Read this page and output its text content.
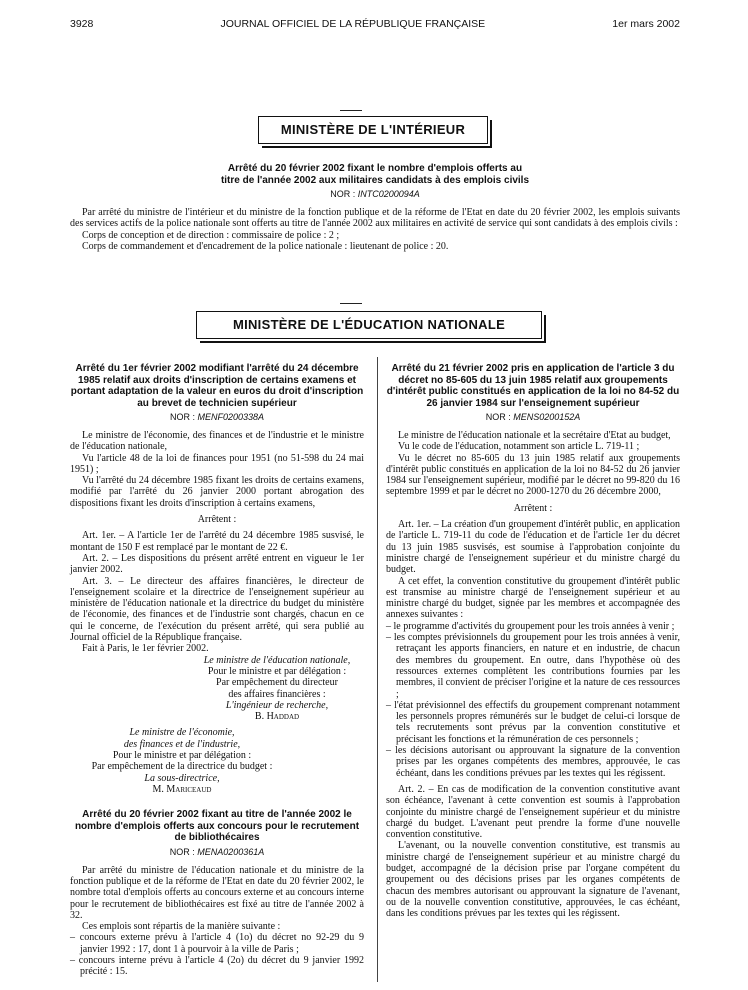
3928	JOURNAL OFFICIEL DE LA RÉPUBLIQUE FRANÇAISE	1er mars 2002
MINISTÈRE DE L'INTÉRIEUR
Arrêté du 20 février 2002 fixant le nombre d'emplois offerts au titre de l'année 2002 aux militaires candidats à des emplois civils
NOR : INTC0200094A

Par arrêté du ministre de l'intérieur et du ministre de la fonction publique et de la réforme de l'Etat en date du 20 février 2002, les emplois suivants des services actifs de la police nationale sont offerts au titre de l'année 2002 aux militaires en activité de service qui sont candidats à des emplois civils :

Corps de conception et de direction : commissaire de police : 2 ;

Corps de commandement et d'encadrement de la police nationale : lieutenant de police : 20.

MINISTÈRE DE L'ÉDUCATION NATIONALE
Arrêté du 1er février 2002 modifiant l'arrêté du 24 décembre 1985 relatif aux droits d'inscription de certains examens et portant adaptation de la valeur en euros du droit d'inscription au brevet de technicien supérieur
NOR : MENF0200338A

Le ministre de l'économie, des finances et de l'industrie et le ministre de l'éducation nationale,

Vu l'article 48 de la loi de finances pour 1951 (no 51-598 du 24 mai 1951) ;

Vu l'arrêté du 24 décembre 1985 fixant les droits de certains examens, modifié par l'arrêté du 26 janvier 2000 portant abrogation des dispositions fixant les droits d'inscription à certains examens,

Arrêtent :

Art. 1er. – A l'article 1er de l'arrêté du 24 décembre 1985 susvisé, le montant de 150 F est remplacé par le montant de 22 €.

Art. 2. – Les dispositions du présent arrêté entrent en vigueur le 1er janvier 2002.

Art. 3. – Le directeur des affaires financières, le directeur de l'enseignement scolaire et la directrice de l'enseignement supérieur au ministère de l'éducation nationale et la directrice du budget du ministère de l'économie, des finances et de l'industrie sont chargés, chacun en ce qui le concerne, de l'exécution du présent arrêté, qui sera publié au Journal officiel de la République française.

Fait à Paris, le 1er février 2002.

Le ministre de l'éducation nationale,
Pour le ministre et par délégation :
Par empêchement du directeur
des affaires financières :
L'ingénieur de recherche,
B. Haddad
Le ministre de l'économie,
des finances et de l'industrie,
Pour le ministre et par délégation :
Par empêchement de la directrice du budget :
La sous-directrice,
M. Mariceaud
Arrêté du 20 février 2002 fixant au titre de l'année 2002 le nombre d'emplois offerts aux concours pour le recrutement de bibliothécaires
NOR : MENA0200361A

Par arrêté du ministre de l'éducation nationale et du ministre de la fonction publique et de la réforme de l'Etat en date du 20 février 2002, le nombre total d'emplois offerts au concours externe et au concours interne pour le recrutement de bibliothécaires est fixé au titre de l'année 2002 à 32.

Ces emplois sont répartis de la manière suivante :

– concours externe prévu à l'article 4 (1o) du décret no 92-29 du 9 janvier 1992 : 17, dont 1 à pourvoir à la ville de Paris ;
– concours interne prévu à l'article 4 (2o) du décret du 9 janvier 1992 précité : 15.
Arrêté du 21 février 2002 pris en application de l'article 3 du décret no 85-605 du 13 juin 1985 relatif aux groupements d'intérêt public constitués en application de la loi no 84-52 du 26 janvier 1984 sur l'enseignement supérieur
NOR : MENS0200152A

Le ministre de l'éducation nationale et la secrétaire d'Etat au budget,

Vu le code de l'éducation, notamment son article L. 719-11 ;

Vu le décret no 85-605 du 13 juin 1985 relatif aux groupements d'intérêt public constitués en application de la loi no 84-52 du 26 janvier 1984 sur l'enseignement supérieur, modifié par le décret no 99-820 du 16 septembre 1999 et par le décret no 2000-1270 du 26 décembre 2000,

Arrêtent :

Art. 1er. – La création d'un groupement d'intérêt public, en application de l'article L. 719-11 du code de l'éducation et de l'article 1er du décret du 13 juin 1985 susvisés, est soumise à l'approbation conjointe du ministre chargé de l'enseignement supérieur et du ministre chargé du budget.

A cet effet, la convention constitutive du groupement d'intérêt public est transmise au ministre chargé de l'enseignement supérieur et au ministre chargé du budget, signée par les membres et accompagnée des annexes suivantes :

– le programme d'activités du groupement pour les trois années à venir ;
– les comptes prévisionnels du groupement pour les trois années à venir, retraçant les apports financiers, en nature et en industrie, de chacun des membres du groupement. En outre, dans l'hypothèse où des ressources externes complètent les contributions fournies par les membres, il convient de préciser l'origine et la nature de ces ressources ;
– l'état prévisionnel des effectifs du groupement comprenant notamment les personnels propres rémunérés sur le budget de celui-ci lorsque de tels recrutements sont prévus par la convention constitutive et précisant les fonctions et la rémunération de ces personnels ;
– les décisions autorisant ou approuvant la signature de la convention prises par les organes compétents des membres, approuvée, le cas échéant, dans les conditions prévues par les textes qui les régissent.

Art. 2. – En cas de modification de la convention constitutive avant son échéance, l'avenant à cette convention est soumis à l'approbation conjointe du ministre chargé de l'enseignement supérieur et du ministre chargé du budget. L'avenant peut prendre la forme d'une nouvelle convention constitutive.

L'avenant, ou la nouvelle convention constitutive, est transmis au ministre chargé de l'enseignement supérieur et au ministre chargé du budget, accompagné de la décision prise par l'organe compétent du groupement ou des décisions prises par les organes compétents de chacun des membres autorisant ou approuvant la signature de l'avenant, ou de la nouvelle convention constitutive, approuvées, le cas échéant, dans les conditions prévues par les textes qui les régissent.
